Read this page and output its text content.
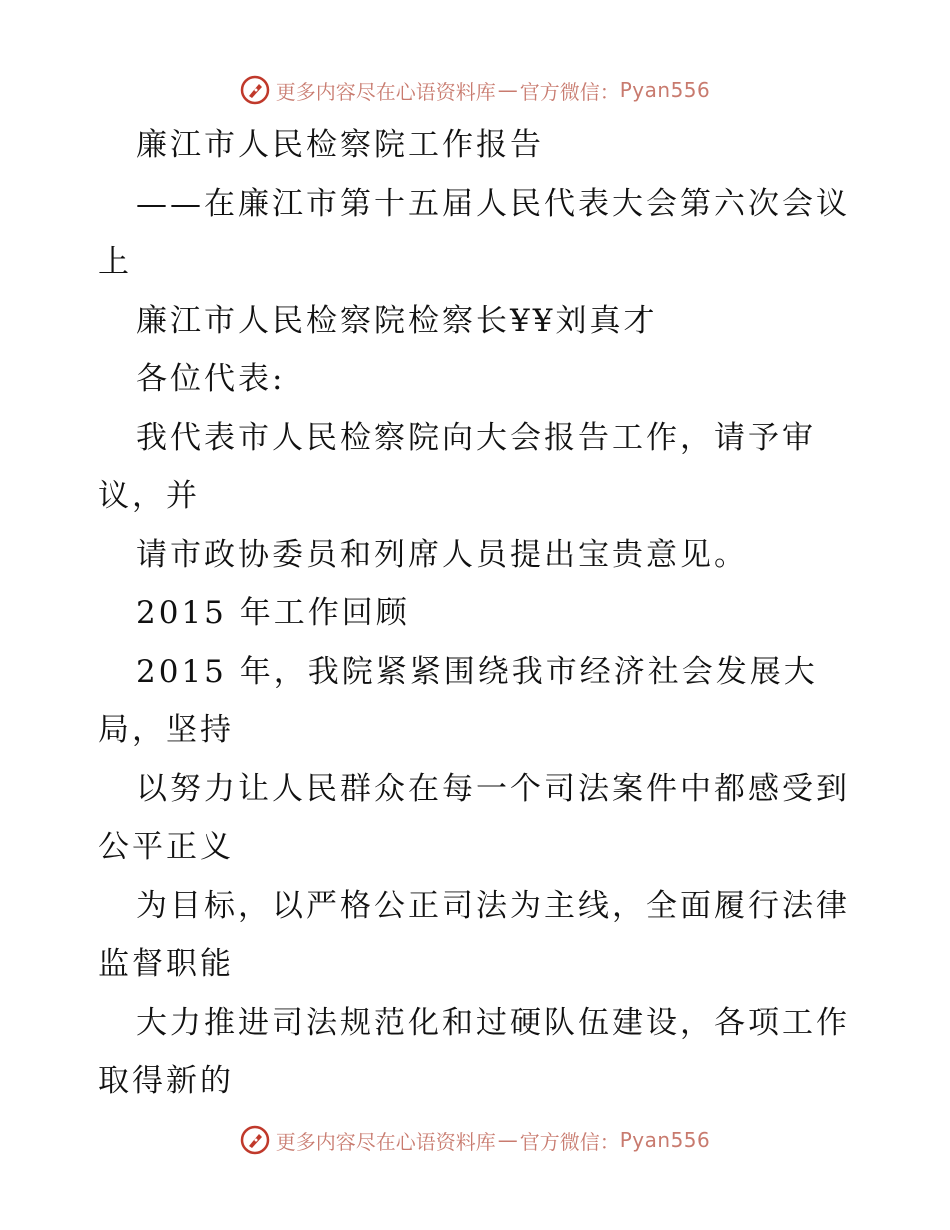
更多内容尽在心语资料库 — 官方微信： Pyan556
廉江市人民检察院工作报告
——在廉江市第十五届人民代表大会第六次会议
上
廉江市人民检察院检察长¥¥刘真才
各位代表:
我代表市人民检察院向大会报告工作，请予审
议，并
请市政协委员和列席人员提出宝贵意见。
2015 年工作回顾
2015 年，我院紧紧围绕我市经济社会发展大
局，坚持
以努力让人民群众在每一个司法案件中都感受到
公平正义
为目标，以严格公正司法为主线，全面履行法律
监督职能
大力推进司法规范化和过硬队伍建设，各项工作
取得新的
更多内容尽在心语资料库 — 官方微信： Pyan556
